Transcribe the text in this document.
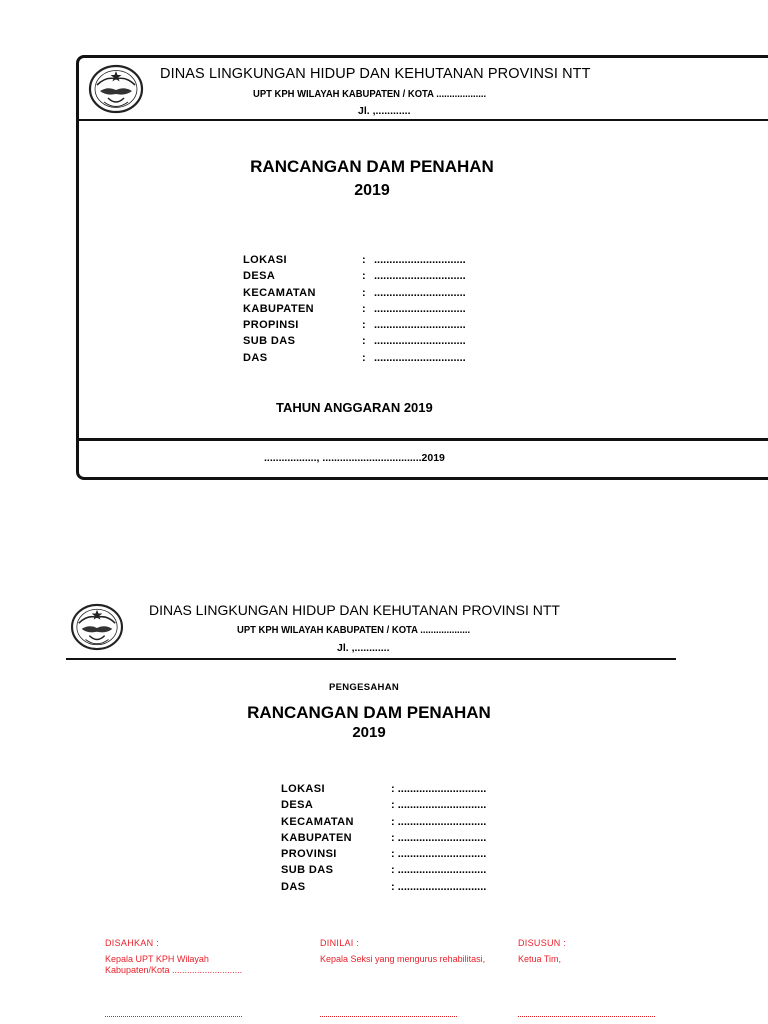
DINAS LINGKUNGAN HIDUP DAN KEHUTANAN PROVINSI NTT
UPT KPH WILAYAH KABUPATEN / KOTA ...................
Jl. ,............
RANCANGAN DAM PENAHAN
2019
LOKASI	: ..............................
DESA	: ..............................
KECAMATAN	: ..............................
KABUPATEN	: ..............................
PROPINSI	: ..............................
SUB DAS	: ..............................
DAS	: ..............................
TAHUN ANGGARAN 2019
.................., ..................................2019
DINAS LINGKUNGAN HIDUP DAN KEHUTANAN PROVINSI NTT
UPT KPH WILAYAH KABUPATEN / KOTA ...................
Jl. ,............
PENGESAHAN
RANCANGAN DAM PENAHAN
2019
LOKASI	: .............................
DESA	: .............................
KECAMATAN	: .............................
KABUPATEN	: .............................
PROVINSI	: .............................
SUB DAS	: .............................
DAS	: .............................
DISAHKAN :
Kepala UPT KPH Wilayah
Kabupaten/Kota ............................
DINILAI :
Kepala Seksi yang mengurus rehabilitasi,
DISUSUN :
Ketua Tim,
